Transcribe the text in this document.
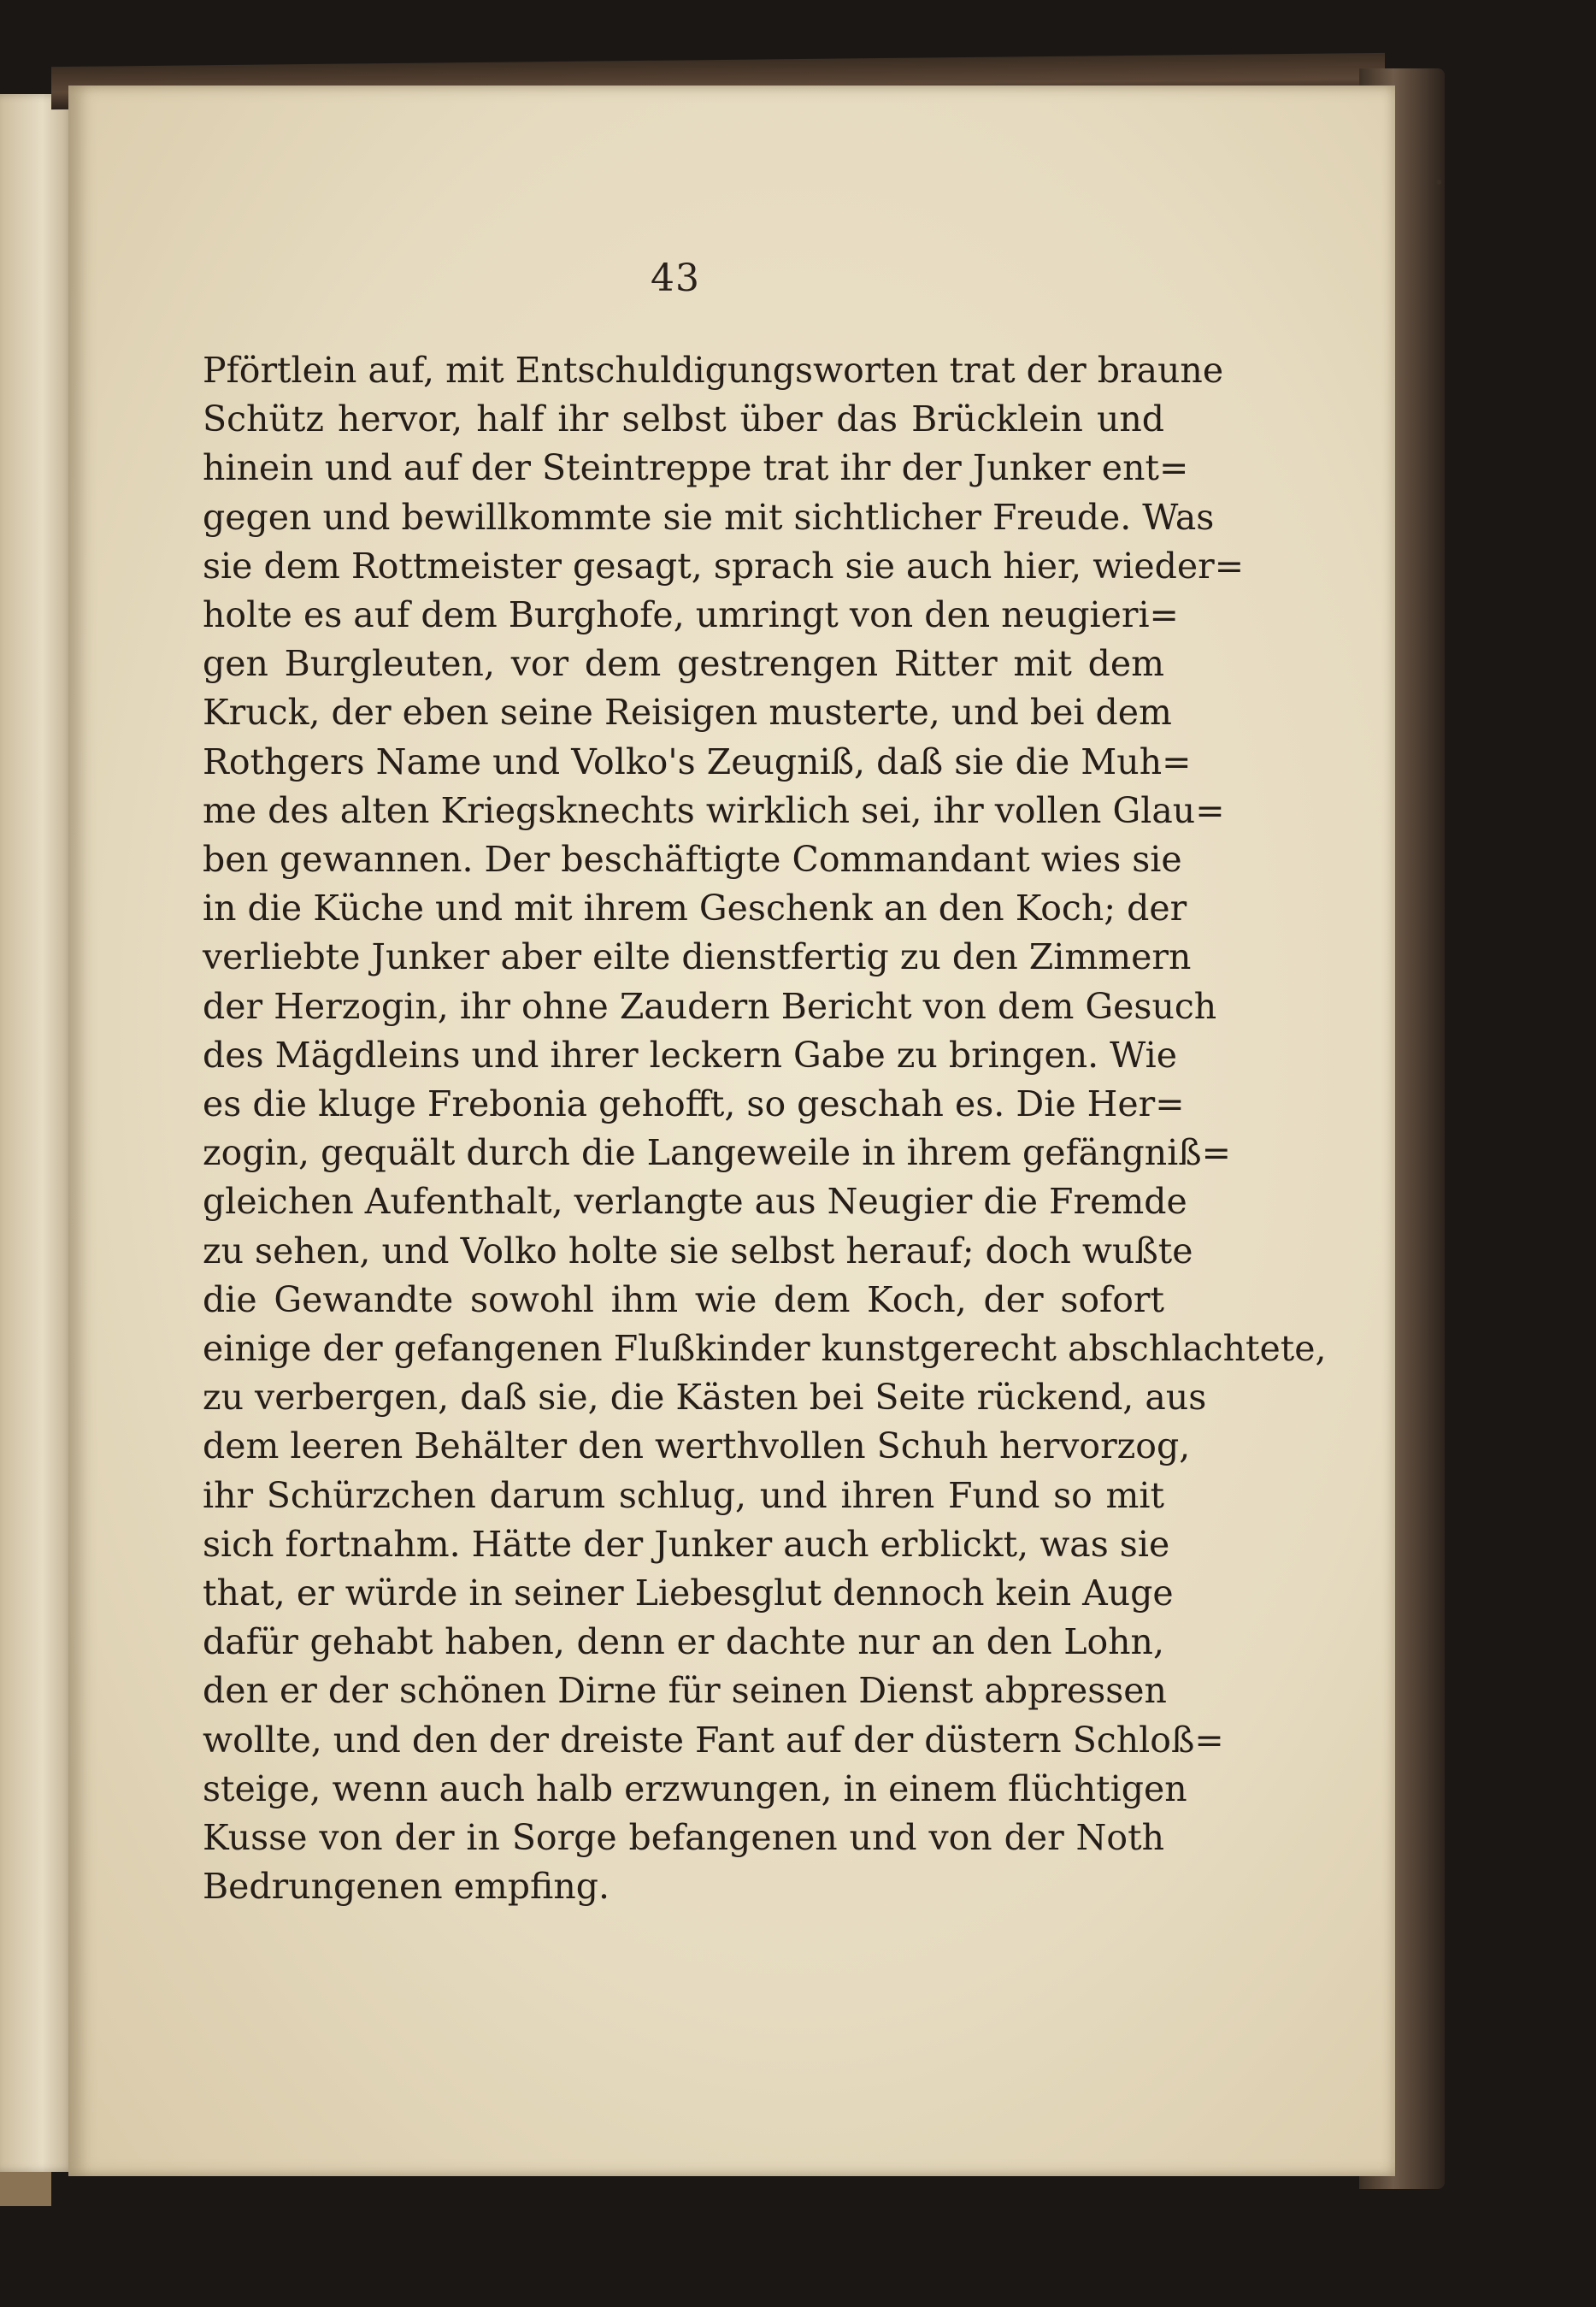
43
Pförtlein auf, mit Entschuldigungsworten trat der braune
Schütz hervor, half ihr selbst über das Brücklein und
hinein und auf der Steintreppe trat ihr der Junker ent=
gegen und bewillkommte sie mit sichtlicher Freude. Was
sie dem Rottmeister gesagt, sprach sie auch hier, wieder=
holte es auf dem Burghofe, umringt von den neugieri=
gen Burgleuten, vor dem gestrengen Ritter mit dem
Kruck, der eben seine Reisigen musterte, und bei dem
Rothgers Name und Volko's Zeugniß, daß sie die Muh=
me des alten Kriegsknechts wirklich sei, ihr vollen Glau=
ben gewannen. Der beschäftigte Commandant wies sie
in die Küche und mit ihrem Geschenk an den Koch; der
verliebte Junker aber eilte dienstfertig zu den Zimmern
der Herzogin, ihr ohne Zaudern Bericht von dem Gesuch
des Mägdleins und ihrer leckern Gabe zu bringen. Wie
es die kluge Frebonia gehofft, so geschah es. Die Her=
zogin, gequält durch die Langeweile in ihrem gefängniß=
gleichen Aufenthalt, verlangte aus Neugier die Fremde
zu sehen, und Volko holte sie selbst herauf; doch wußte
die Gewandte sowohl ihm wie dem Koch, der sofort
einige der gefangenen Flußkinder kunstgerecht abschlachtete,
zu verbergen, daß sie, die Kästen bei Seite rückend, aus
dem leeren Behälter den werthvollen Schuh hervorzog,
ihr Schürzchen darum schlug, und ihren Fund so mit
sich fortnahm. Hätte der Junker auch erblickt, was sie
that, er würde in seiner Liebesglut dennoch kein Auge
dafür gehabt haben, denn er dachte nur an den Lohn,
den er der schönen Dirne für seinen Dienst abpressen
wollte, und den der dreiste Fant auf der düstern Schloß=
steige, wenn auch halb erzwungen, in einem flüchtigen
Kusse von der in Sorge befangenen und von der Noth
Bedrungenen empfing.
